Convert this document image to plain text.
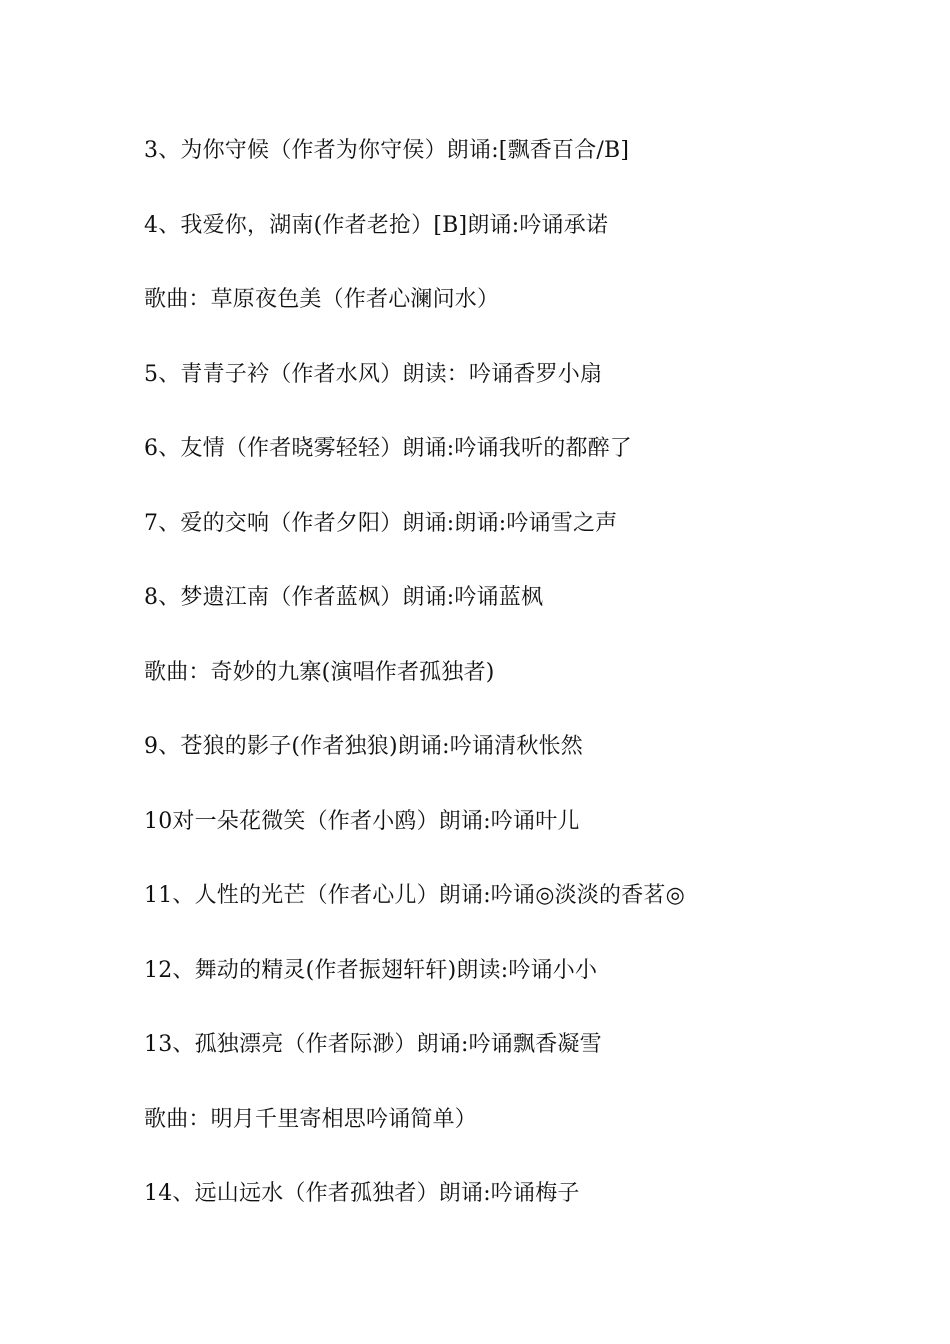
3、为你守候（作者为你守侯）朗诵:[飘香百合/B]
4、我爱你，湖南(作者老抢）[B]朗诵:吟诵承诺
歌曲：草原夜色美（作者心澜问水）
5、青青子衿（作者水风）朗读：吟诵香罗小扇
6、友情（作者晓雾轻轻）朗诵:吟诵我听的都醉了
7、爱的交响（作者夕阳）朗诵:朗诵:吟诵雪之声
8、梦遗江南（作者蓝枫）朗诵:吟诵蓝枫
歌曲：奇妙的九寨(演唱作者孤独者)
9、苍狼的影子(作者独狼)朗诵:吟诵清秋怅然
10对一朵花微笑（作者小鸥）朗诵:吟诵叶儿
11、人性的光芒（作者心儿）朗诵:吟诵◎淡淡的香茗◎
12、舞动的精灵(作者振翅轩轩)朗读:吟诵小小
13、孤独漂亮（作者际渺）朗诵:吟诵飘香凝雪
歌曲：明月千里寄相思吟诵简单）
14、远山远水（作者孤独者）朗诵:吟诵梅子
